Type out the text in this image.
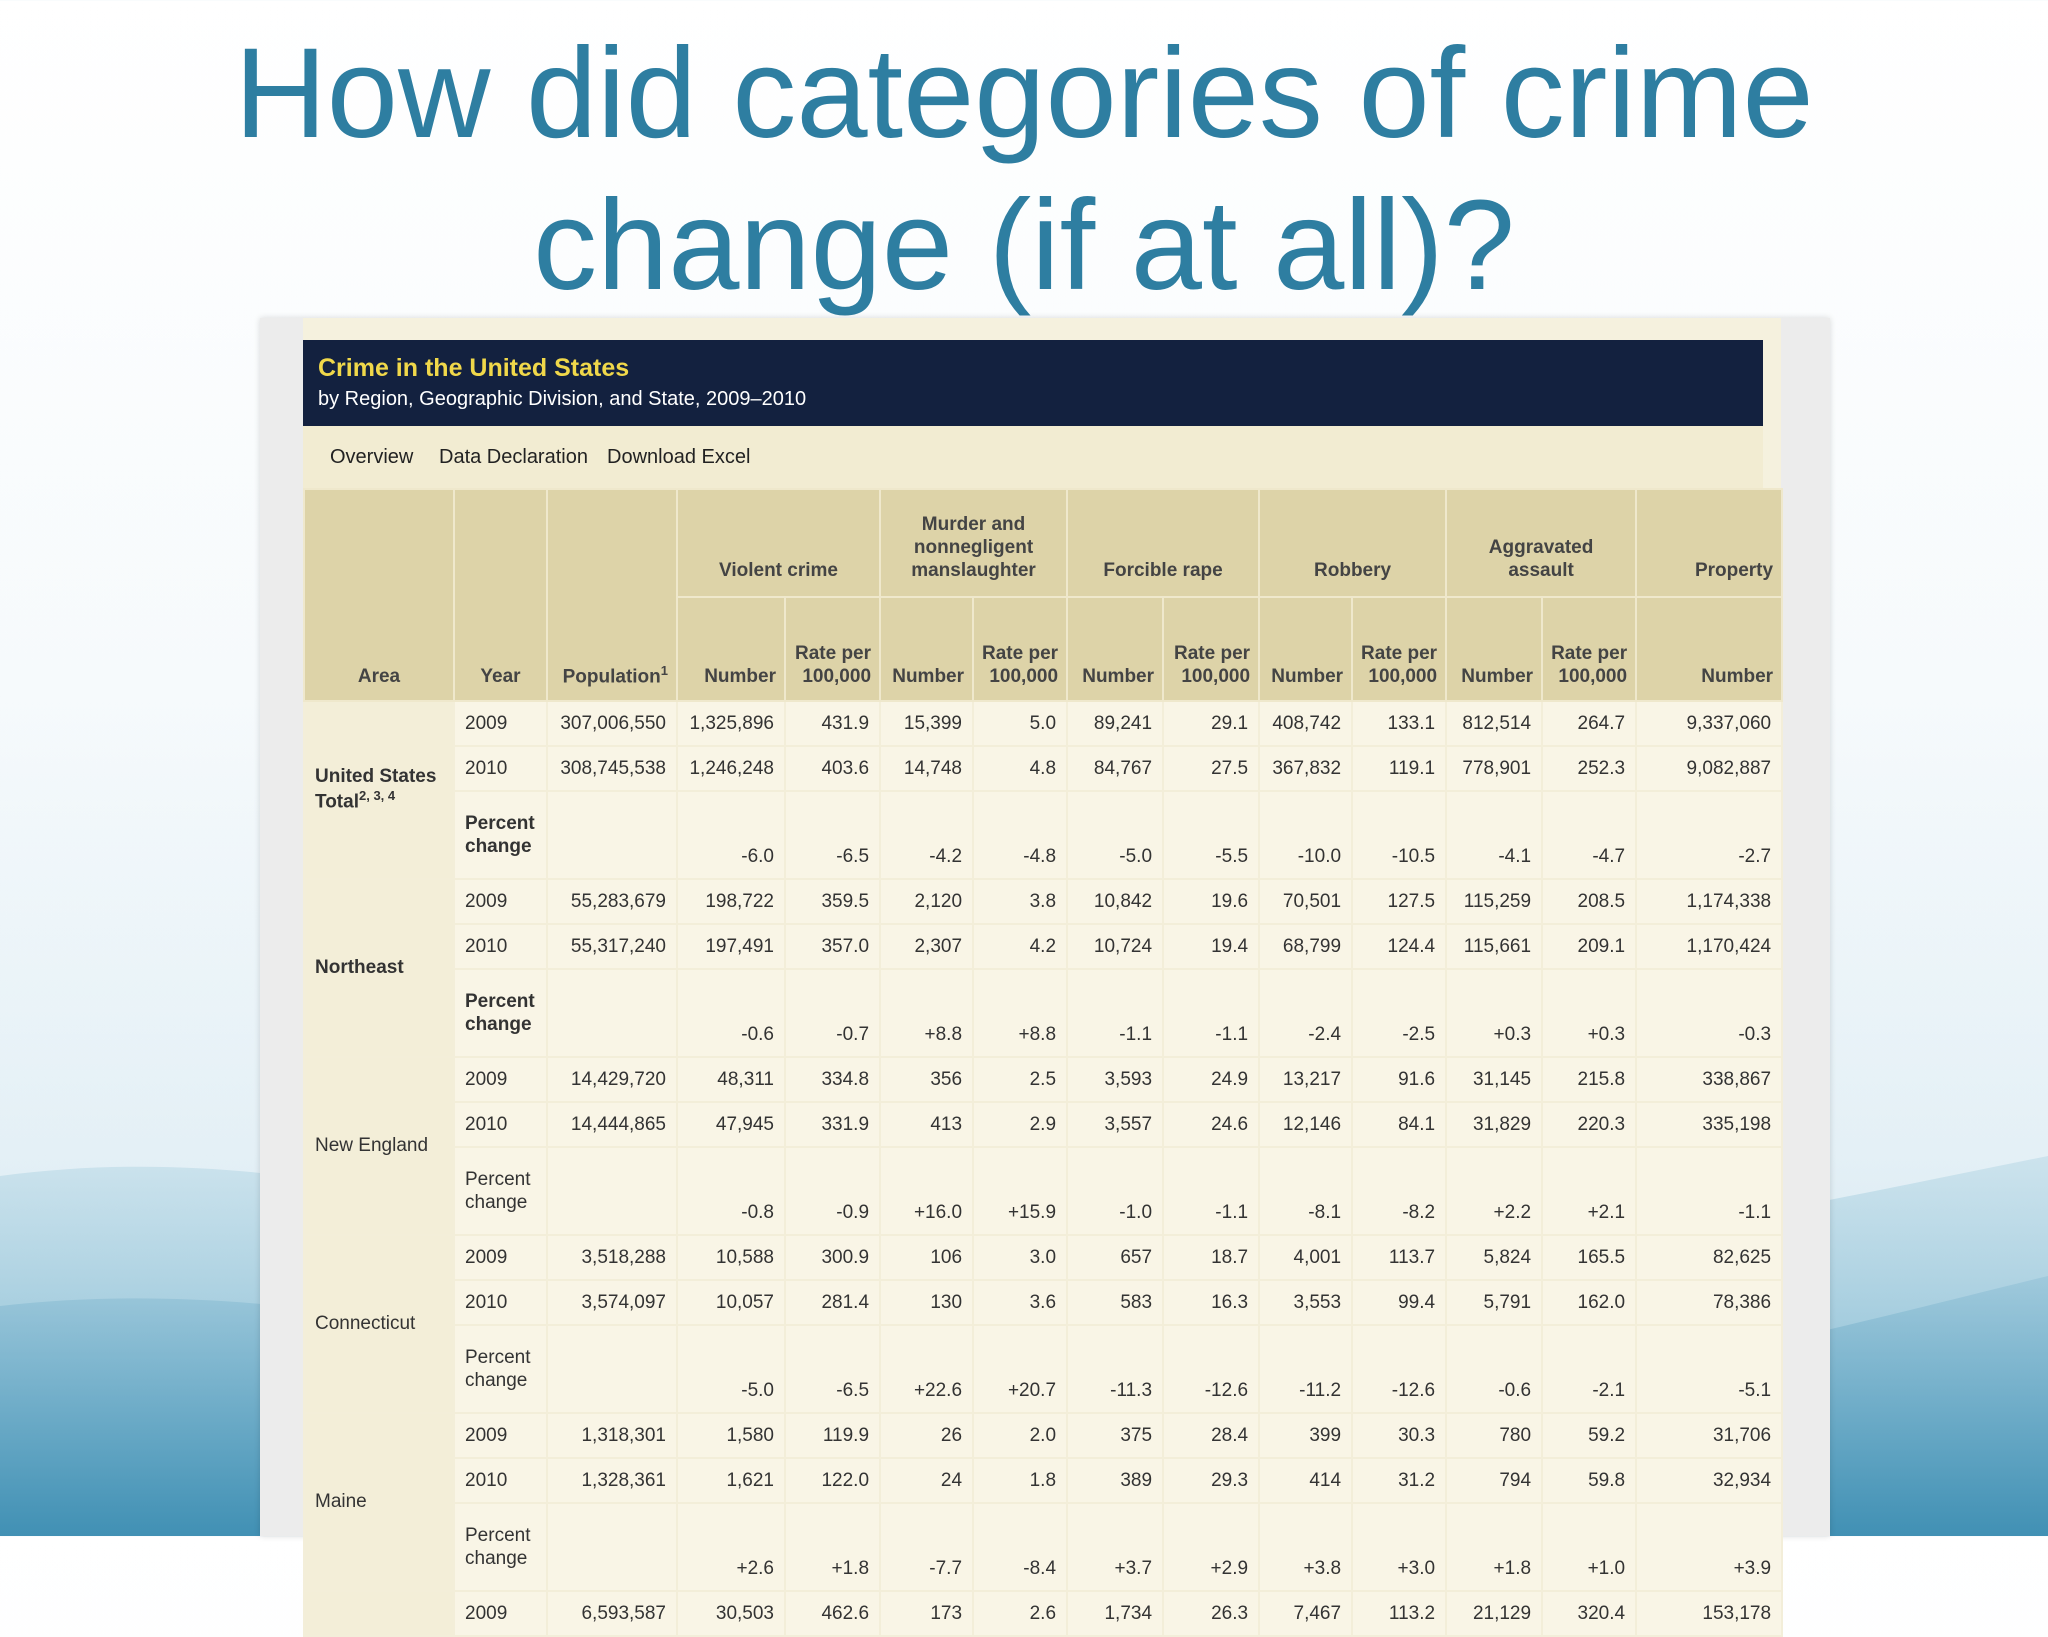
How did categories of crime
change (if at all)?
Crime in the United States
by Region, Geographic Division, and State, 2009–2010
Overview Data Declaration Download Excel
Area	Year	Population$^1$	Violent crime		Murder and nonnegligent manslaughter		Forcible rape		Robbery		Aggravated assault		Property
			Number	Rate per 100,000	Number	Rate per 100,000	Number	Rate per 100,000	Number	Rate per 100,000	Number	Rate per 100,000	Number
United States Total$^{2, 3, 4}$	2009	307,006,550	1,325,896	431.9	15,399	5.0	89,241	29.1	408,742	133.1	812,514	264.7	9,337,060
	2010	308,745,538	1,246,248	403.6	14,748	4.8	84,767	27.5	367,832	119.1	778,901	252.3	9,082,887
	Percent change		-6.0	-6.5	-4.2	-4.8	-5.0	-5.5	-10.0	-10.5	-4.1	-4.7	-2.7
Northeast	2009	55,283,679	198,722	359.5	2,120	3.8	10,842	19.6	70,501	127.5	115,259	208.5	1,174,338
	2010	55,317,240	197,491	357.0	2,307	4.2	10,724	19.4	68,799	124.4	115,661	209.1	1,170,424
	Percent change		-0.6	-0.7	+8.8	+8.8	-1.1	-1.1	-2.4	-2.5	+0.3	+0.3	-0.3
New England	2009	14,429,720	48,311	334.8	356	2.5	3,593	24.9	13,217	91.6	31,145	215.8	338,867
	2010	14,444,865	47,945	331.9	413	2.9	3,557	24.6	12,146	84.1	31,829	220.3	335,198
	Percent change		-0.8	-0.9	+16.0	+15.9	-1.0	-1.1	-8.1	-8.2	+2.2	+2.1	-1.1
Connecticut	2009	3,518,288	10,588	300.9	106	3.0	657	18.7	4,001	113.7	5,824	165.5	82,625
	2010	3,574,097	10,057	281.4	130	3.6	583	16.3	3,553	99.4	5,791	162.0	78,386
	Percent change		-5.0	-6.5	+22.6	+20.7	-11.3	-12.6	-11.2	-12.6	-0.6	-2.1	-5.1
Maine	2009	1,318,301	1,580	119.9	26	2.0	375	28.4	399	30.3	780	59.2	31,706
	2010	1,328,361	1,621	122.0	24	1.8	389	29.3	414	31.2	794	59.8	32,934
	Percent change		+2.6	+1.8	-7.7	-8.4	+3.7	+2.9	+3.8	+3.0	+1.8	+1.0	+3.9
	2009	6,593,587	30,503	462.6	173	2.6	1,734	26.3	7,467	113.2	21,129	320.4	153,178
